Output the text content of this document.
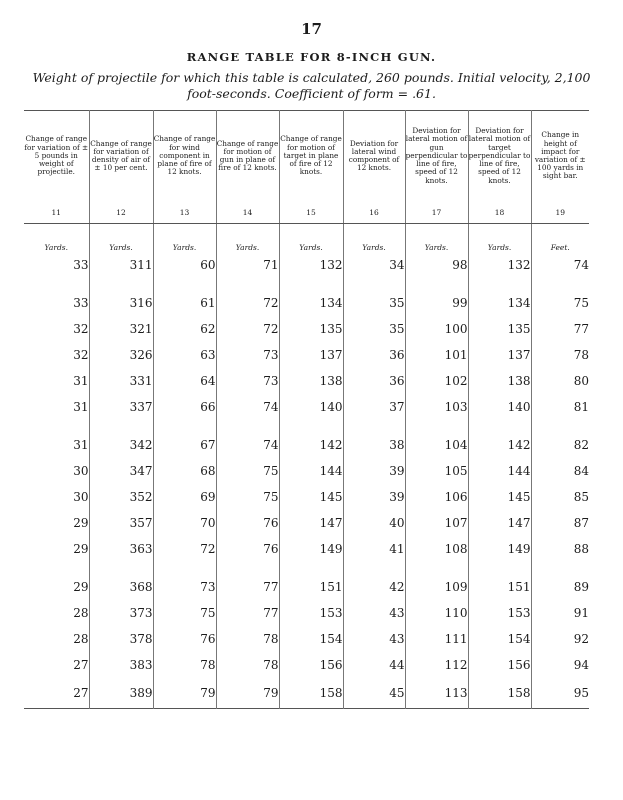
17
RANGE TABLE FOR 8-INCH GUN.
Weight of projectile for which this table is calculated, 260 pounds. Initial velocity, 2,100 foot-seconds. Coefficient of form = .61.
Change of range for variation of ± 5 pounds in weight of projectile.	Change of range for variation of density of air of ± 10 per cent.	Change of range for wind component in plane of fire of 12 knots.	Change of range for motion of gun in plane of fire of 12 knots.	Change of range for motion of target in plane of fire of 12 knots.	Deviation for lateral wind component of 12 knots.	Deviation for lateral motion of gun perpendicular to line of fire, speed of 12 knots.	Deviation for lateral motion of target perpendicular to line of fire, speed of 12 knots.	Change in height of impact for variation of ± 100 yards in sight bar.
11	12	13	14	15	16	17	18	19
Yards.	Yards.	Yards.	Yards.	Yards.	Yards.	Yards.	Yards.	Feet.
33	311	60	71	132	34	98	132	74
33	316	61	72	134	35	99	134	75
32	321	62	72	135	35	100	135	77
32	326	63	73	137	36	101	137	78
31	331	64	73	138	36	102	138	80
31	337	66	74	140	37	103	140	81
31	342	67	74	142	38	104	142	82
30	347	68	75	144	39	105	144	84
30	352	69	75	145	39	106	145	85
29	357	70	76	147	40	107	147	87
29	363	72	76	149	41	108	149	88
29	368	73	77	151	42	109	151	89
28	373	75	77	153	43	110	153	91
28	378	76	78	154	43	111	154	92
27	383	78	78	156	44	112	156	94
27	389	79	79	158	45	113	158	95
